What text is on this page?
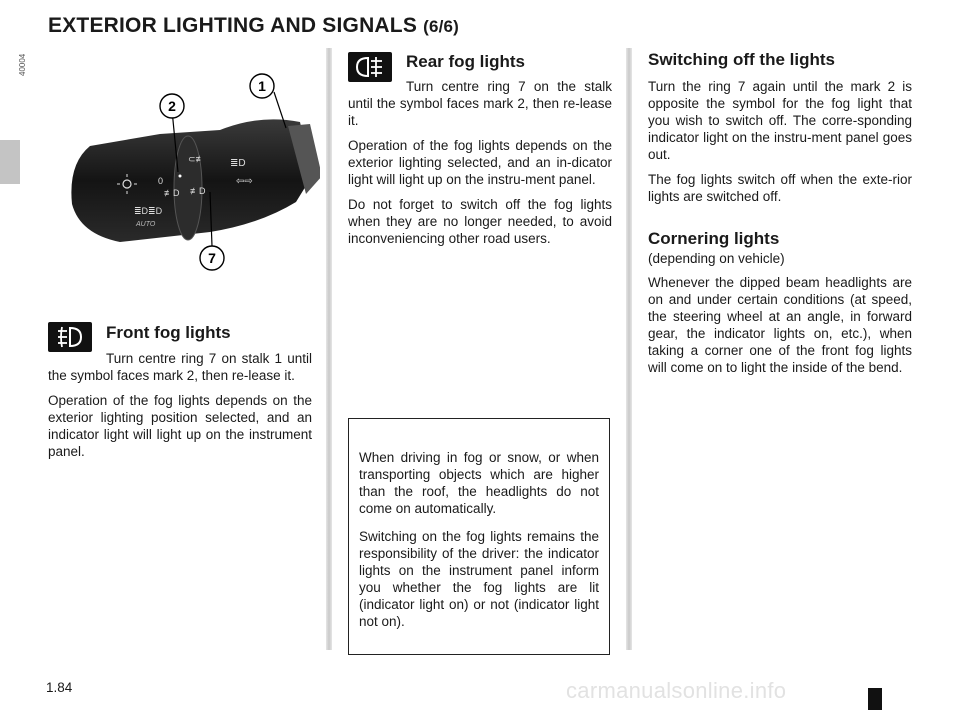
EXTERIOR LIGHTING AND SIGNALS (6/6)
40004
≣D≣D
AUTO
0
≢D
≣D
⇦⇨
⊂≢
≢D
2
1
7
Front fog lights

Turn centre ring 7 on stalk 1 until the symbol faces mark 2, then re-lease it.

Operation of the fog lights depends on the exterior lighting position selected, and an indicator light will light up on the instrument panel.

Rear fog lights

Turn centre ring 7 on the stalk until the symbol faces mark 2, then re-lease it.

Operation of the fog lights depends on the exterior lighting selected, and an in-dicator light will light up on the instru-ment panel.

Do not forget to switch off the fog lights when they are no longer needed, to avoid inconveniencing other road users.

When driving in fog or snow, or when transporting objects which are higher than the roof, the headlights do not come on automatically.

Switching on the fog lights remains the responsibility of the driver: the indicator lights on the instrument panel inform you whether the fog lights are lit (indicator light on) or not (indicator light not on).

Switching off the lights

Turn the ring 7 again until the mark 2 is opposite the symbol for the fog light that you wish to switch off. The corre-sponding indicator light on the instru-ment panel goes out.

The fog lights switch off when the exte-rior lights are switched off.

Cornering lights
(depending on vehicle)

Whenever the dipped beam headlights are on and under certain conditions (at speed, the steering wheel at an angle, in forward gear, the indicator lights on, etc.), when taking a corner one of the front fog lights will come on to light the inside of the bend.

1.84	carmanualsonline.info
